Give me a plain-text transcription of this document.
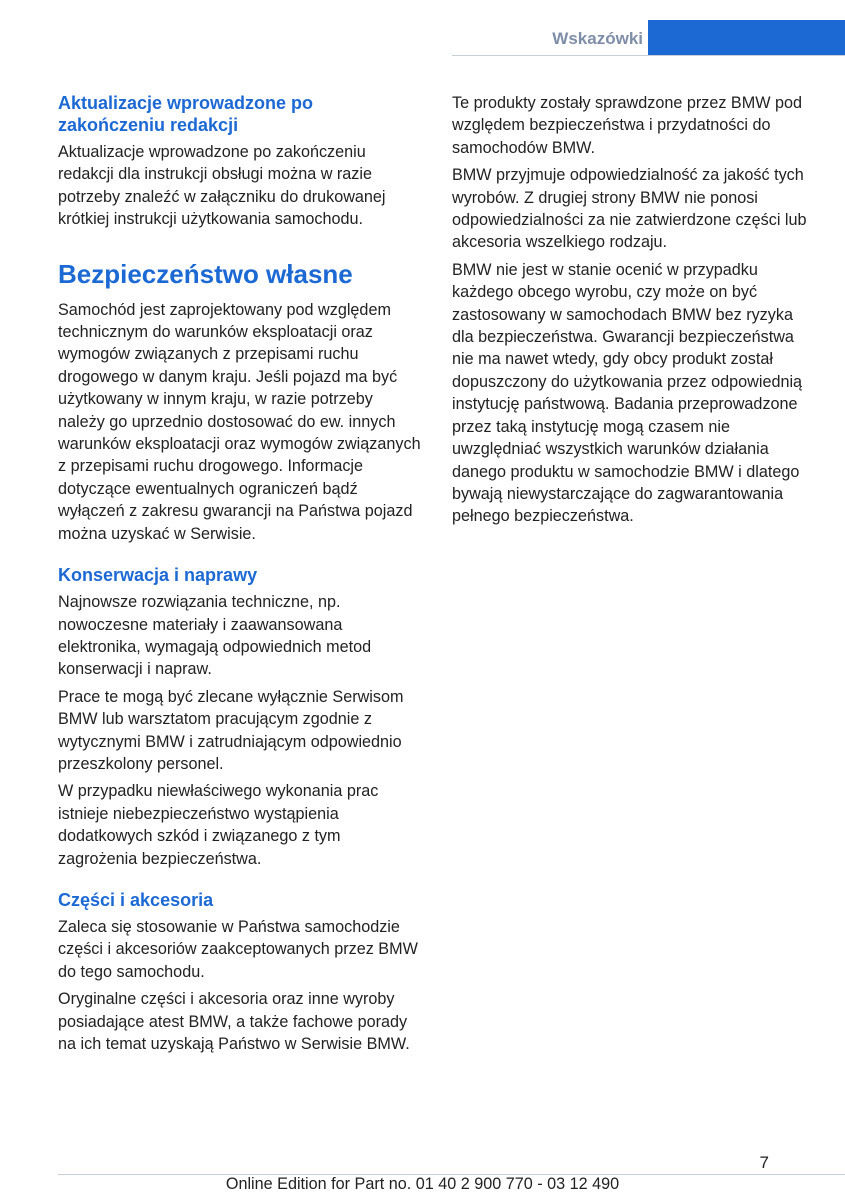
Wskazówki
Aktualizacje wprowadzone po zakończeniu redakcji

Aktualizacje wprowadzone po zakończeniu redakcji dla instrukcji obsługi można w razie potrzeby znaleźć w załączniku do drukowanej krótkiej instrukcji użytkowania samochodu.

Bezpieczeństwo własne

Samochód jest zaprojektowany pod względem technicznym do warunków eksploatacji oraz wymogów związanych z przepisami ruchu drogowego w danym kraju. Jeśli pojazd ma być użytkowany w innym kraju, w razie potrzeby należy go uprzednio dostosować do ew. innych warunków eksploatacji oraz wymogów związanych z przepisami ruchu drogowego. Informacje dotyczące ewentualnych ograniczeń bądź wyłączeń z zakresu gwarancji na Państwa pojazd można uzyskać w Serwisie.

Konserwacja i naprawy

Najnowsze rozwiązania techniczne, np. nowoczesne materiały i zaawansowana elektronika, wymagają odpowiednich metod konserwacji i napraw.

Prace te mogą być zlecane wyłącznie Serwisom BMW lub warsztatom pracującym zgodnie z wytycznymi BMW i zatrudniającym odpowiednio przeszkolony personel.

W przypadku niewłaściwego wykonania prac istnieje niebezpieczeństwo wystąpienia dodatkowych szkód i związanego z tym zagrożenia bezpieczeństwa.

Części i akcesoria

Zaleca się stosowanie w Państwa samochodzie części i akcesoriów zaakceptowanych przez BMW do tego samochodu.

Oryginalne części i akcesoria oraz inne wyroby posiadające atest BMW, a także fachowe porady na ich temat uzyskają Państwo w Serwisie BMW.

Te produkty zostały sprawdzone przez BMW pod względem bezpieczeństwa i przydatności do samochodów BMW.

BMW przyjmuje odpowiedzialność za jakość tych wyrobów. Z drugiej strony BMW nie ponosi odpowiedzialności za nie zatwierdzone części lub akcesoria wszelkiego rodzaju.

BMW nie jest w stanie ocenić w przypadku każdego obcego wyrobu, czy może on być zastosowany w samochodach BMW bez ryzyka dla bezpieczeństwa. Gwarancji bezpieczeństwa nie ma nawet wtedy, gdy obcy produkt został dopuszczony do użytkowania przez odpowiednią instytucję państwową. Badania przeprowadzone przez taką instytucję mogą czasem nie uwzględniać wszystkich warunków działania danego produktu w samochodzie BMW i dlatego bywają niewystarczające do zagwarantowania pełnego bezpieczeństwa.

7
Online Edition for Part no. 01 40 2 900 770 - 03 12 490
